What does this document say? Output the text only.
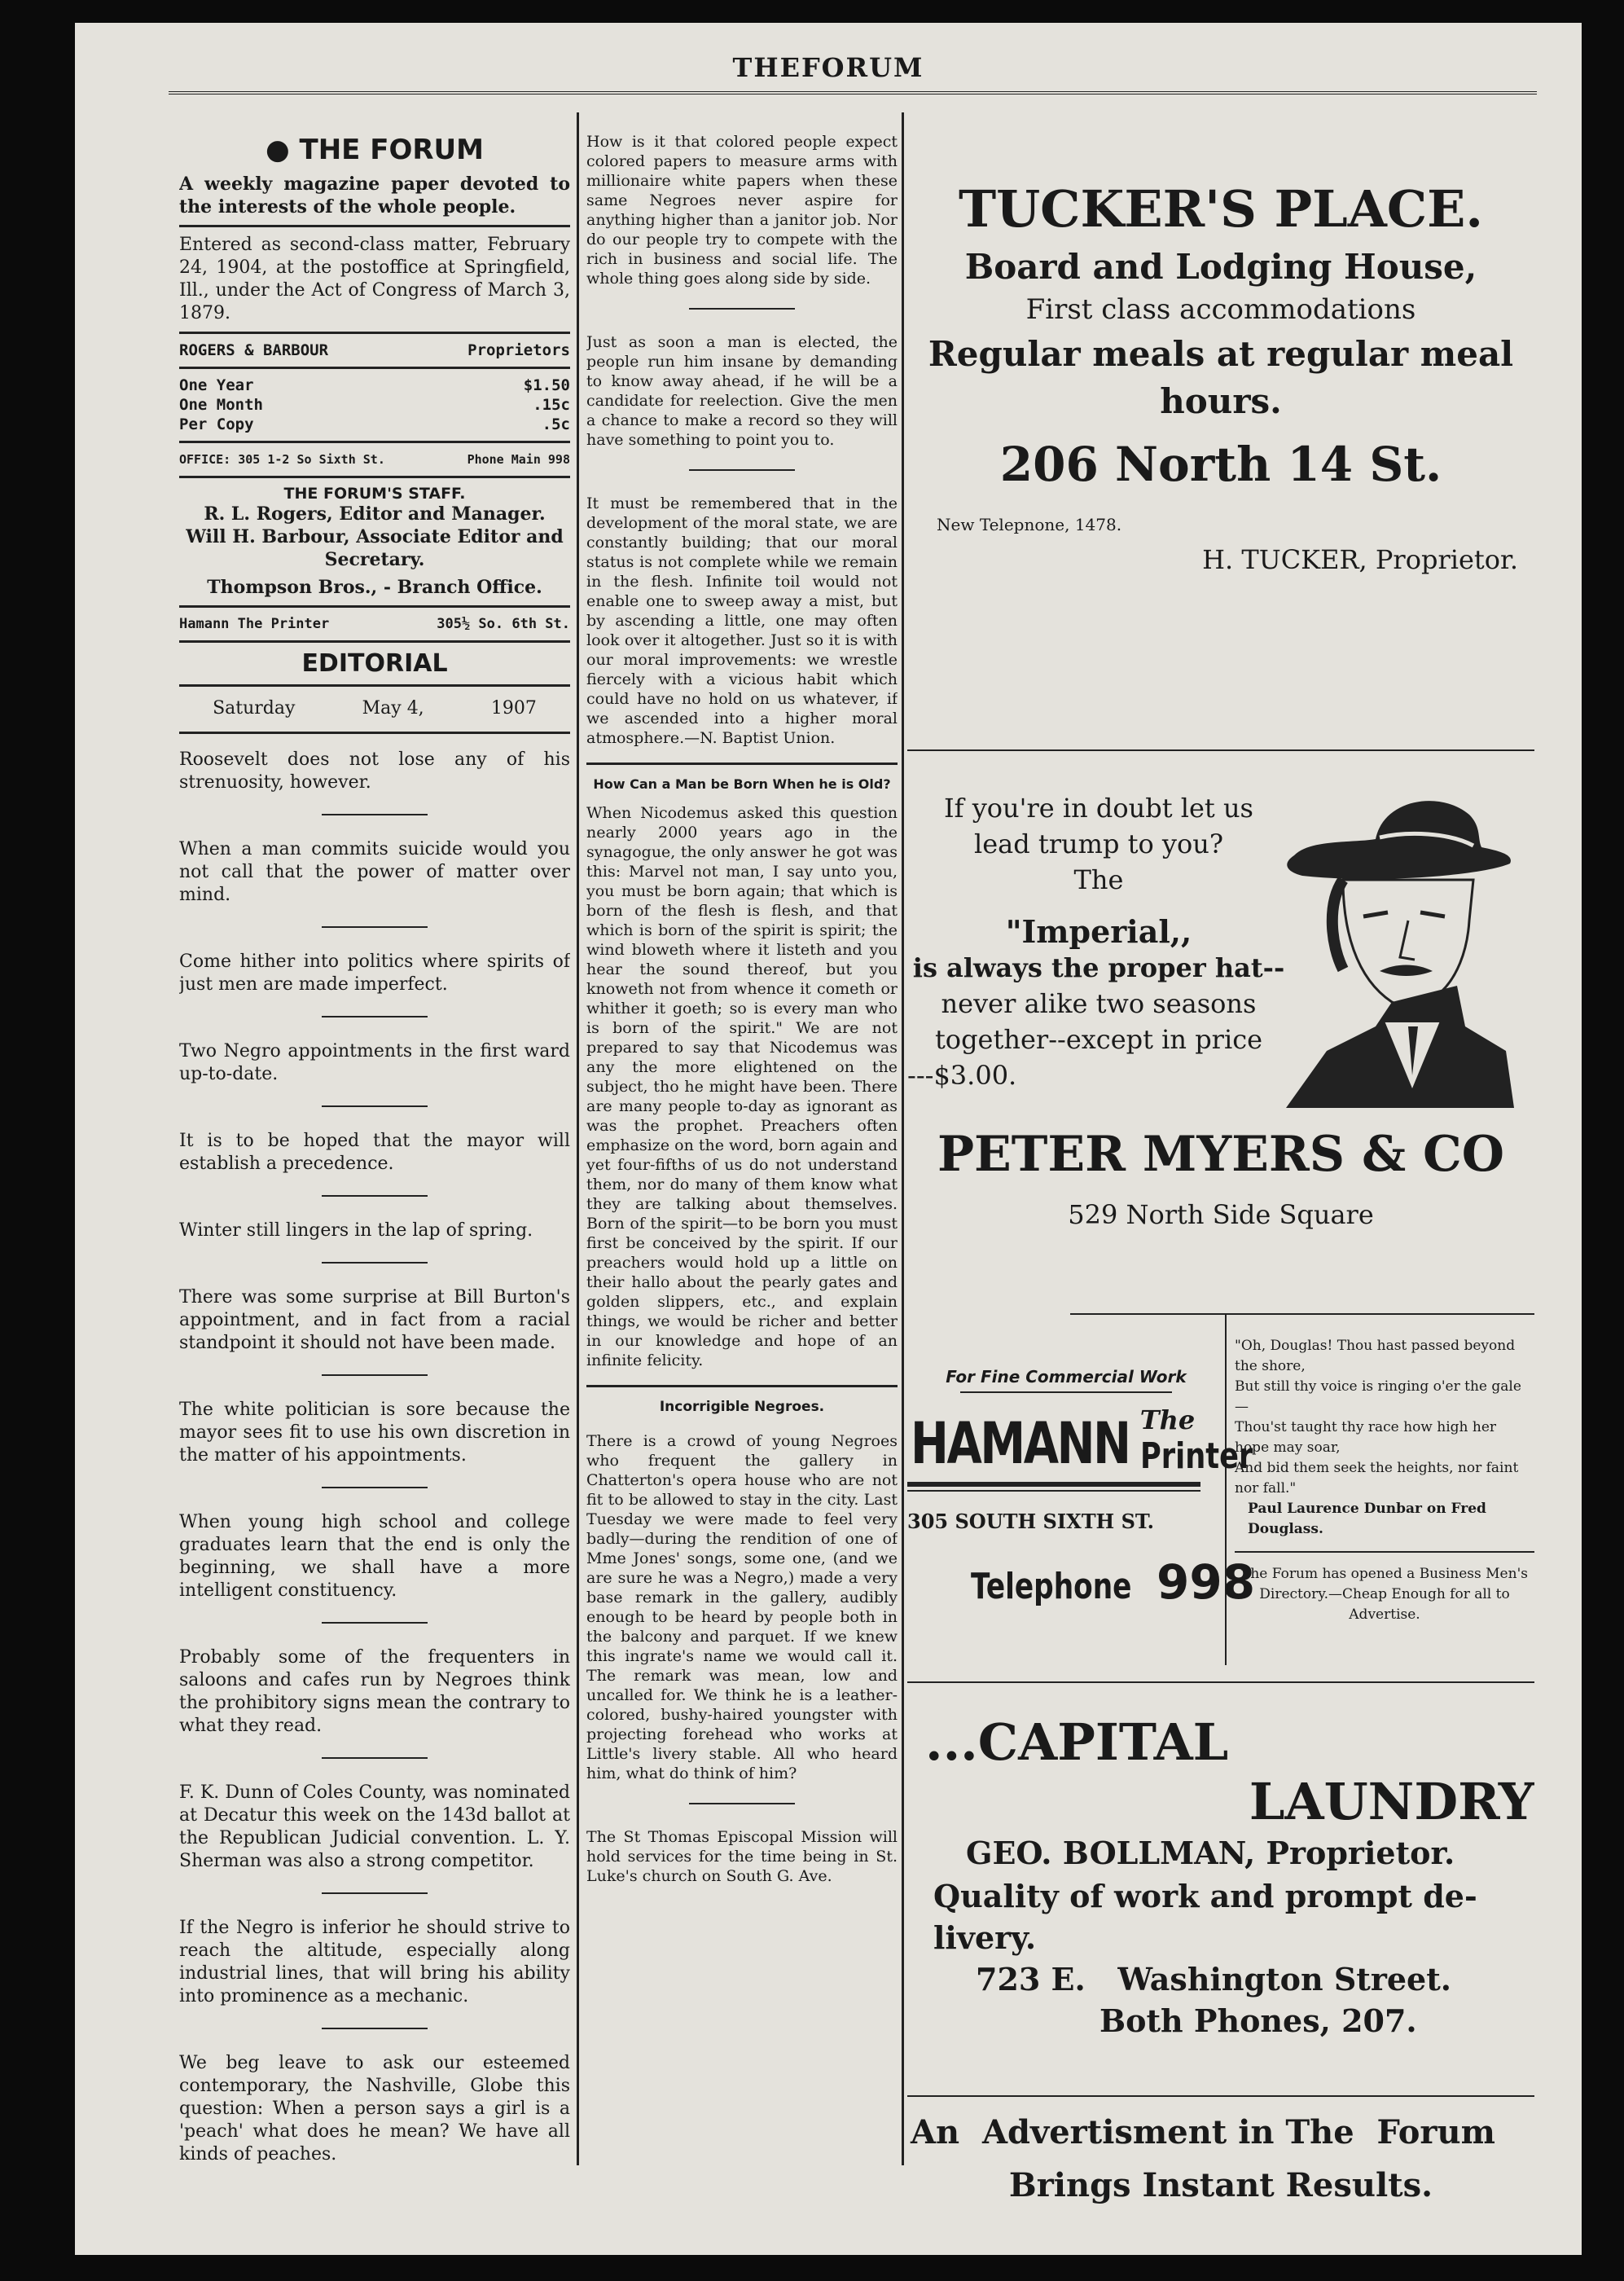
THEFORUM
● THE FORUM

A weekly magazine paper devoted to the interests of the whole people.

Entered as second-class matter, February 24, 1904, at the postoffice at Springfield, Ill., under the Act of Congress of March 3, 1879.

ROGERS & BARBOUR	Proprietors
One Year	$1.50
One Month	.15c
Per Copy	.5c
OFFICE: 305 1-2 So Sixth St.	Phone Main 998
THE FORUM'S STAFF.

R. L. Rogers, Editor and Manager.

Will H. Barbour, Associate Editor and Secretary.

Thompson Bros., - Branch Office.

Hamann The Printer	305½ So. 6th St.
EDITORIAL
Saturday	May 4,	1907

Roosevelt does not lose any of his strenuosity, however.

When a man commits suicide would you not call that the power of matter over mind.

Come hither into politics where spirits of just men are made imperfect.

Two Negro appointments in the first ward up-to-date.

It is to be hoped that the mayor will establish a precedence.

Winter still lingers in the lap of spring.

There was some surprise at Bill Burton's appointment, and in fact from a racial standpoint it should not have been made.

The white politician is sore because the mayor sees fit to use his own discretion in the matter of his appointments.

When young high school and college graduates learn that the end is only the beginning, we shall have a more intelligent constituency.

Probably some of the frequenters in saloons and cafes run by Negroes think the prohibitory signs mean the contrary to what they read.

F. K. Dunn of Coles County, was nominated at Decatur this week on the 143d ballot at the Republican Judicial convention. L. Y. Sherman was also a strong competitor.

If the Negro is inferior he should strive to reach the altitude, especially along industrial lines, that will bring his ability into prominence as a mechanic.

We beg leave to ask our esteemed contemporary, the Nashville, Globe this question: When a person says a girl is a 'peach' what does he mean? We have all kinds of peaches.

How is it that colored people expect colored papers to measure arms with millionaire white papers when these same Negroes never aspire for anything higher than a janitor job. Nor do our people try to compete with the rich in business and social life. The whole thing goes along side by side.

Just as soon a man is elected, the people run him insane by demanding to know away ahead, if he will be a candidate for reelection. Give the men a chance to make a record so they will have something to point you to.

It must be remembered that in the development of the moral state, we are constantly building; that our moral status is not complete while we remain in the flesh. Infinite toil would not enable one to sweep away a mist, but by ascending a little, one may often look over it altogether. Just so it is with our moral improvements: we wrestle fiercely with a vicious habit which could have no hold on us whatever, if we ascended into a higher moral atmosphere.—N. Baptist Union.

How Can a Man be Born When he is Old?

When Nicodemus asked this question nearly 2000 years ago in the synagogue, the only answer he got was this: Marvel not man, I say unto you, you must be born again; that which is born of the flesh is flesh, and that which is born of the spirit is spirit; the wind bloweth where it listeth and you hear the sound thereof, but you knoweth not from whence it cometh or whither it goeth; so is every man who is born of the spirit." We are not prepared to say that Nicodemus was any the more elightened on the subject, tho he might have been. There are many people to-day as ignorant as was the prophet. Preachers often emphasize on the word, born again and yet four-fifths of us do not understand them, nor do many of them know what they are talking about themselves. Born of the spirit—to be born you must first be conceived by the spirit. If our preachers would hold up a little on their hallo about the pearly gates and golden slippers, etc., and explain things, we would be richer and better in our knowledge and hope of an infinite felicity.

Incorrigible Negroes.

There is a crowd of young Negroes who frequent the gallery in Chatterton's opera house who are not fit to be allowed to stay in the city. Last Tuesday we were made to feel very badly—during the rendition of one of Mme Jones' songs, some one, (and we are sure he was a Negro,) made a very base remark in the gallery, audibly enough to be heard by people both in the balcony and parquet. If we knew this ingrate's name we would call it. The remark was mean, low and uncalled for. We think he is a leather-colored, bushy-haired youngster with projecting forehead who works at Little's livery stable. All who heard him, what do think of him?

The St Thomas Episcopal Mission will hold services for the time being in St. Luke's church on South G. Ave.

TUCKER'S PLACE.
Board and Lodging House,
First class accommodations
Regular meals at regular meal hours.
206 North 14 St.
New Telepnone, 1478.
H. TUCKER, Proprietor.
If you're in doubt let us
lead trump to you?
The
"Imperial,,
is always the proper hat--
never alike two seasons
together--except in price
---$3.00.
PETER MYERS & CO
529 North Side Square
For Fine Commercial Work
HAMANN The
Printer
305 SOUTH SIXTH ST.
Telephone 998
"Oh, Douglas! Thou hast passed beyond the shore,
But still thy voice is ringing o'er the gale—
Thou'st taught thy race how high her hope may soar,
And bid them seek the heights, nor faint nor fall."
Paul Laurence Dunbar on Fred Douglass.
The Forum has opened a Business Men's Directory.—Cheap Enough for all to Advertise.
...CAPITAL
LAUNDRY
GEO. BOLLMAN, Proprietor.
Quality of work and prompt de-
livery.
723 E.   Washington Street.
Both Phones, 207.
An  Advertisment in The  Forum
Brings Instant Results.
